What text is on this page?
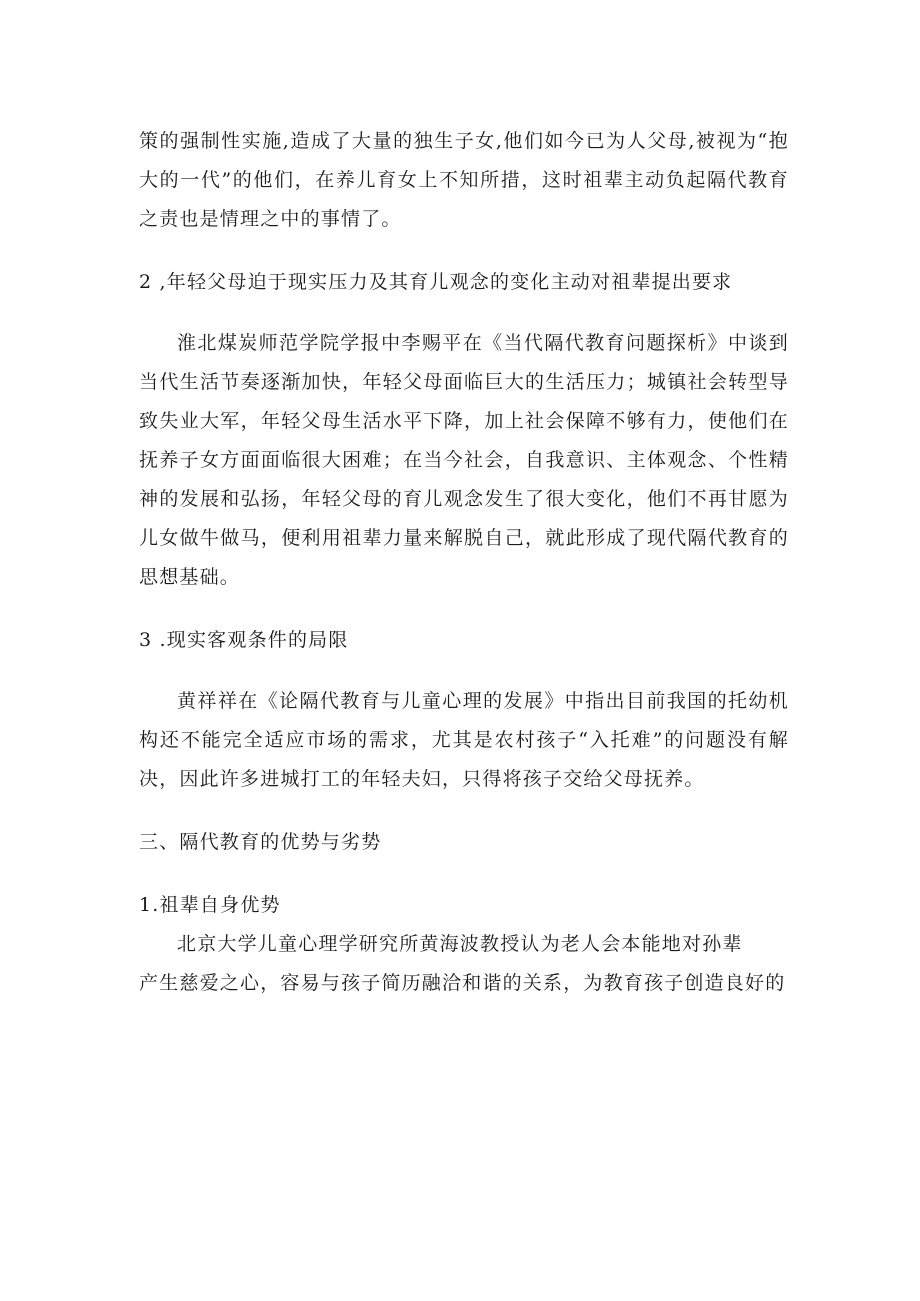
策的强制性实施,造成了大量的独生子女,他们如今已为人父母,被视为“抱大的一代”的他们，在养儿育女上不知所措，这时祖辈主动负起隔代教育之责也是情理之中的事情了。

2 ,年轻父母迫于现实压力及其育儿观念的变化主动对祖辈提出要求

淮北煤炭师范学院学报中李赐平在《当代隔代教育问题探析》中谈到当代生活节奏逐渐加快，年轻父母面临巨大的生活压力；城镇社会转型导致失业大军，年轻父母生活水平下降，加上社会保障不够有力，使他们在抚养子女方面面临很大困难；在当今社会，自我意识、主体观念、个性精神的发展和弘扬，年轻父母的育儿观念发生了很大变化，他们不再甘愿为儿女做牛做马，便利用祖辈力量来解脱自己，就此形成了现代隔代教育的思想基础。

3 .现实客观条件的局限

黄祥祥在《论隔代教育与儿童心理的发展》中指出目前我国的托幼机构还不能完全适应市场的需求，尤其是农村孩子“入托难”的问题没有解决，因此许多进城打工的年轻夫妇，只得将孩子交给父母抚养。

三、隔代教育的优势与劣势

1.祖辈自身优势

北京大学儿童心理学研究所黄海波教授认为老人会本能地对孙辈

产生慈爱之心，容易与孩子简历融洽和谐的关系，为教育孩子创造良好的
